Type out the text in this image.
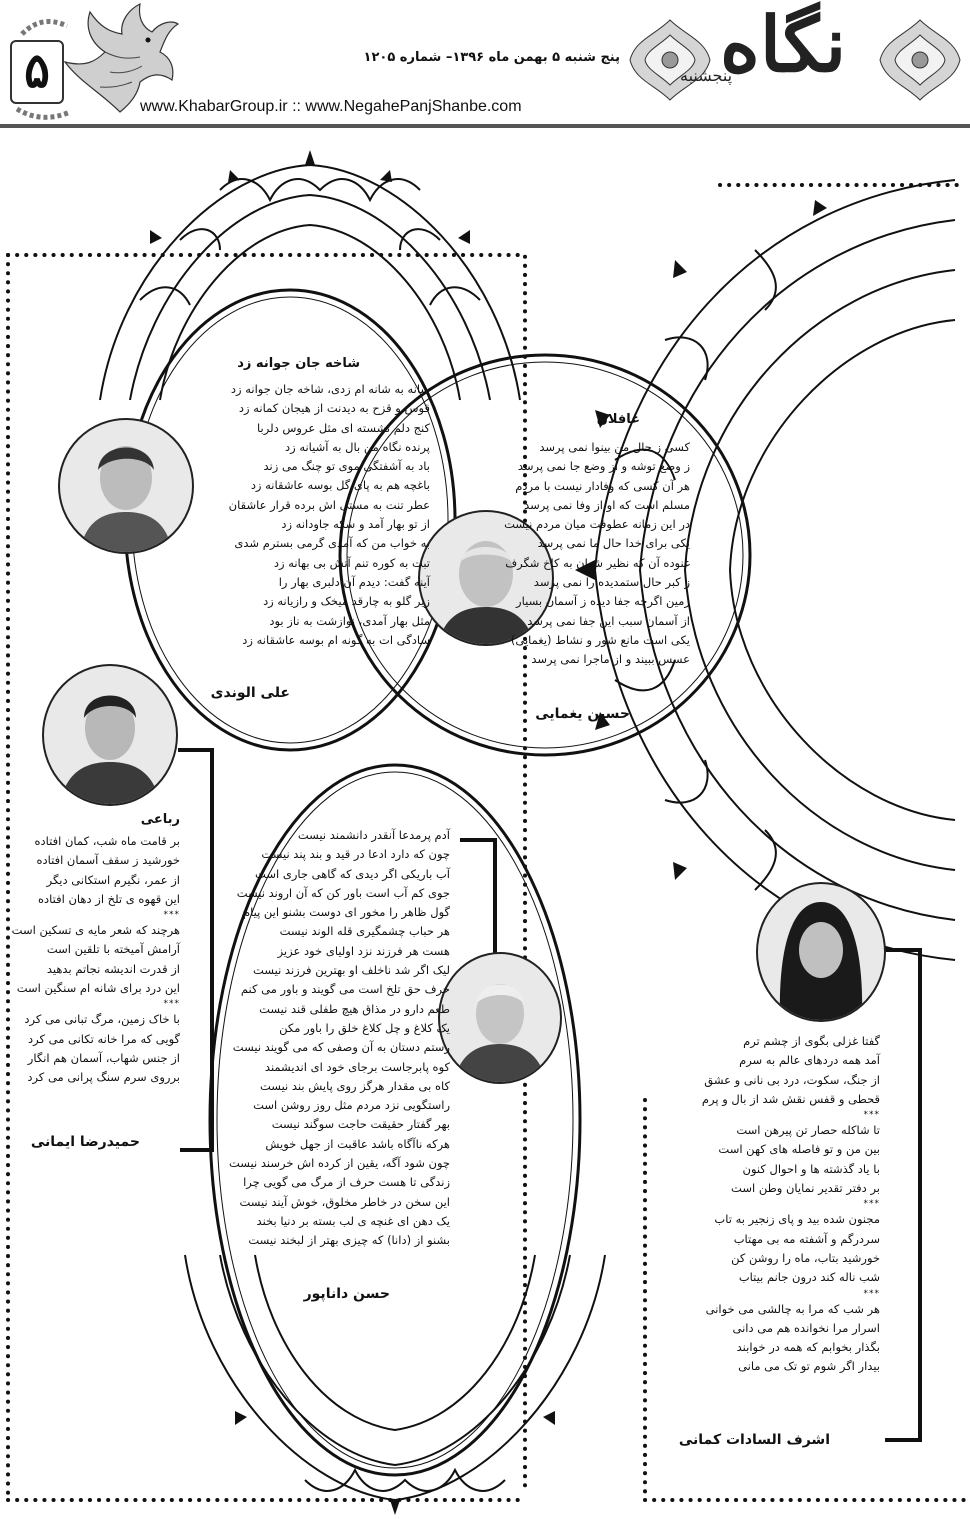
۵
www.KhabarGroup.ir :: www.NegahePanjShanbe.com
پنج شنبه ۵ بهمن ماه ۱۳۹۶– شماره ۱۲۰۵ نگاه
پنجشنبه
شاخه جان جوانه زد
شانه به شانه ام زدی، شاخه جان جوانه زد
قوس و قزح به دیدنت از هیجان کمانه زد
کنج دلم نشسته ای مثل عروس دلربا
پرنده نگاه من بال به آشیانه زد
باد به آشفتگی موی تو چنگ می زند
باغچه هم به پای گل بوسه عاشقانه زد
عطر تنت به مستی اش برده قرار عاشقان
از تو بهار آمد و سکه جاودانه زد
به خواب من که آمدی گرمی بسترم شدی
تبت به کوره تنم آتش بی بهانه زد
آینه گفت: دیدم آن دلبری بهار را
زیر گلو به چارقد میخک و رازیانه زد
مثل بهار آمدی، نوازشت به ناز بود
سادگی ات به گونه ام بوسه عاشقانه زد
علی الوندی
غافلان
کسی ز حال من بینوا نمی پرسد
ز وضع توشه و از وضع جا نمی پرسد
هر آن کسی که وفادار نیست با مردم
مسلم است که او از وفا نمی پرسد
در این زمانه عطوفت میان مردم نیست
یکی برای خدا حال ما نمی پرسد
غنوده آن که نظیر شهان به کاخ شگرف
ز کبر حال ستمدیده را نمی پرسد
زمین اگرچه جفا دیده ز آسمان بسیار
از آسمان سبب این جفا نمی پرسد
یکی است مانع شور و نشاط (یغمایی)
عسس ببیند و از ماجرا نمی پرسد
حسین یغمایی
رباعی
بر قامت ماه شب، کمان افتاده
خورشید ز سقف آسمان افتاده
از عمر، نگیرم استکانی دیگر
این قهوه ی تلخ از دهان افتاده
***
هرچند که شعر مایه ی تسکین است
آرامش آمیخته با تلقین است
از قدرت اندیشه نجاتم بدهید
این درد برای شانه ام سنگین است
***
با خاک زمین، مرگ تبانی می کرد
گویی که مرا خانه تکانی می کرد
از جنس شهاب، آسمان هم انگار
برروی سرم سنگ پرانی می کرد
حمیدرضا ایمانی
آدم پرمدعا آنقدر دانشمند نیست
چون که دارد ادعا در قید و بند پند نیست
آب باریکی اگر دیدی که گاهی جاری است
جوی کم آب است باور کن که آن اروند نیست
گول ظاهر را مخور ای دوست بشنو این پیام
هر حباب چشمگیری قله الوند نیست
هست هر فرزند نزد اولیای خود عزیز
لیک اگر شد ناخلف او بهترین فرزند نیست
حرف حق تلخ است می گویند و باور می کنم
طعم دارو در مذاق هیچ طفلی قند نیست
یک کلاغ و چل کلاغ خلق را باور مکن
رستم دستان به آن وصفی که می گویند نیست
کوه پابرجاست برجای خود ای اندیشمند
کاه بی مقدار هرگز روی پایش بند نیست
راستگویی نزد مردم مثل روز روشن است
بهر گفتار حقیقت حاجت سوگند نیست
هرکه ناآگاه باشد عاقبت از جهل خویش
چون شود آگه، یقین از کرده اش خرسند نیست
زندگی تا هست حرف از مرگ می گویی چرا
این سخن در خاطر مخلوق، خوش آیند نیست
یک دهن ای غنچه ی لب بسته بر دنیا بخند
بشنو از (دانا) که چیزی بهتر از لبخند نیست
حسن داناپور
گفتا غزلی بگوی از چشم ترم
آمد همه دردهای عالم به سرم
از جنگ، سکوت، درد بی نانی و عشق
قحطی و قفس نقش شد از بال و پرم
***
تا شاکله حصار تن پیرهن است
بین من و تو فاصله های کهن است
با یاد گذشته ها و احوال کنون
بر دفتر تقدیر نمایان وطن است
***
مجنون شده بید و پای زنجیر به تاب
سردرگم و آشفته مه بی مهتاب
خورشید بتاب، ماه را روشن کن
شب ناله کند درون جانم بیتاب
***
هر شب که مرا به چالشی می خوانی
اسرار مرا نخوانده هم می دانی
بگذار بخوابم که همه در خوابند
بیدار اگر شوم تو تک می مانی
اشرف السادات کمانی
